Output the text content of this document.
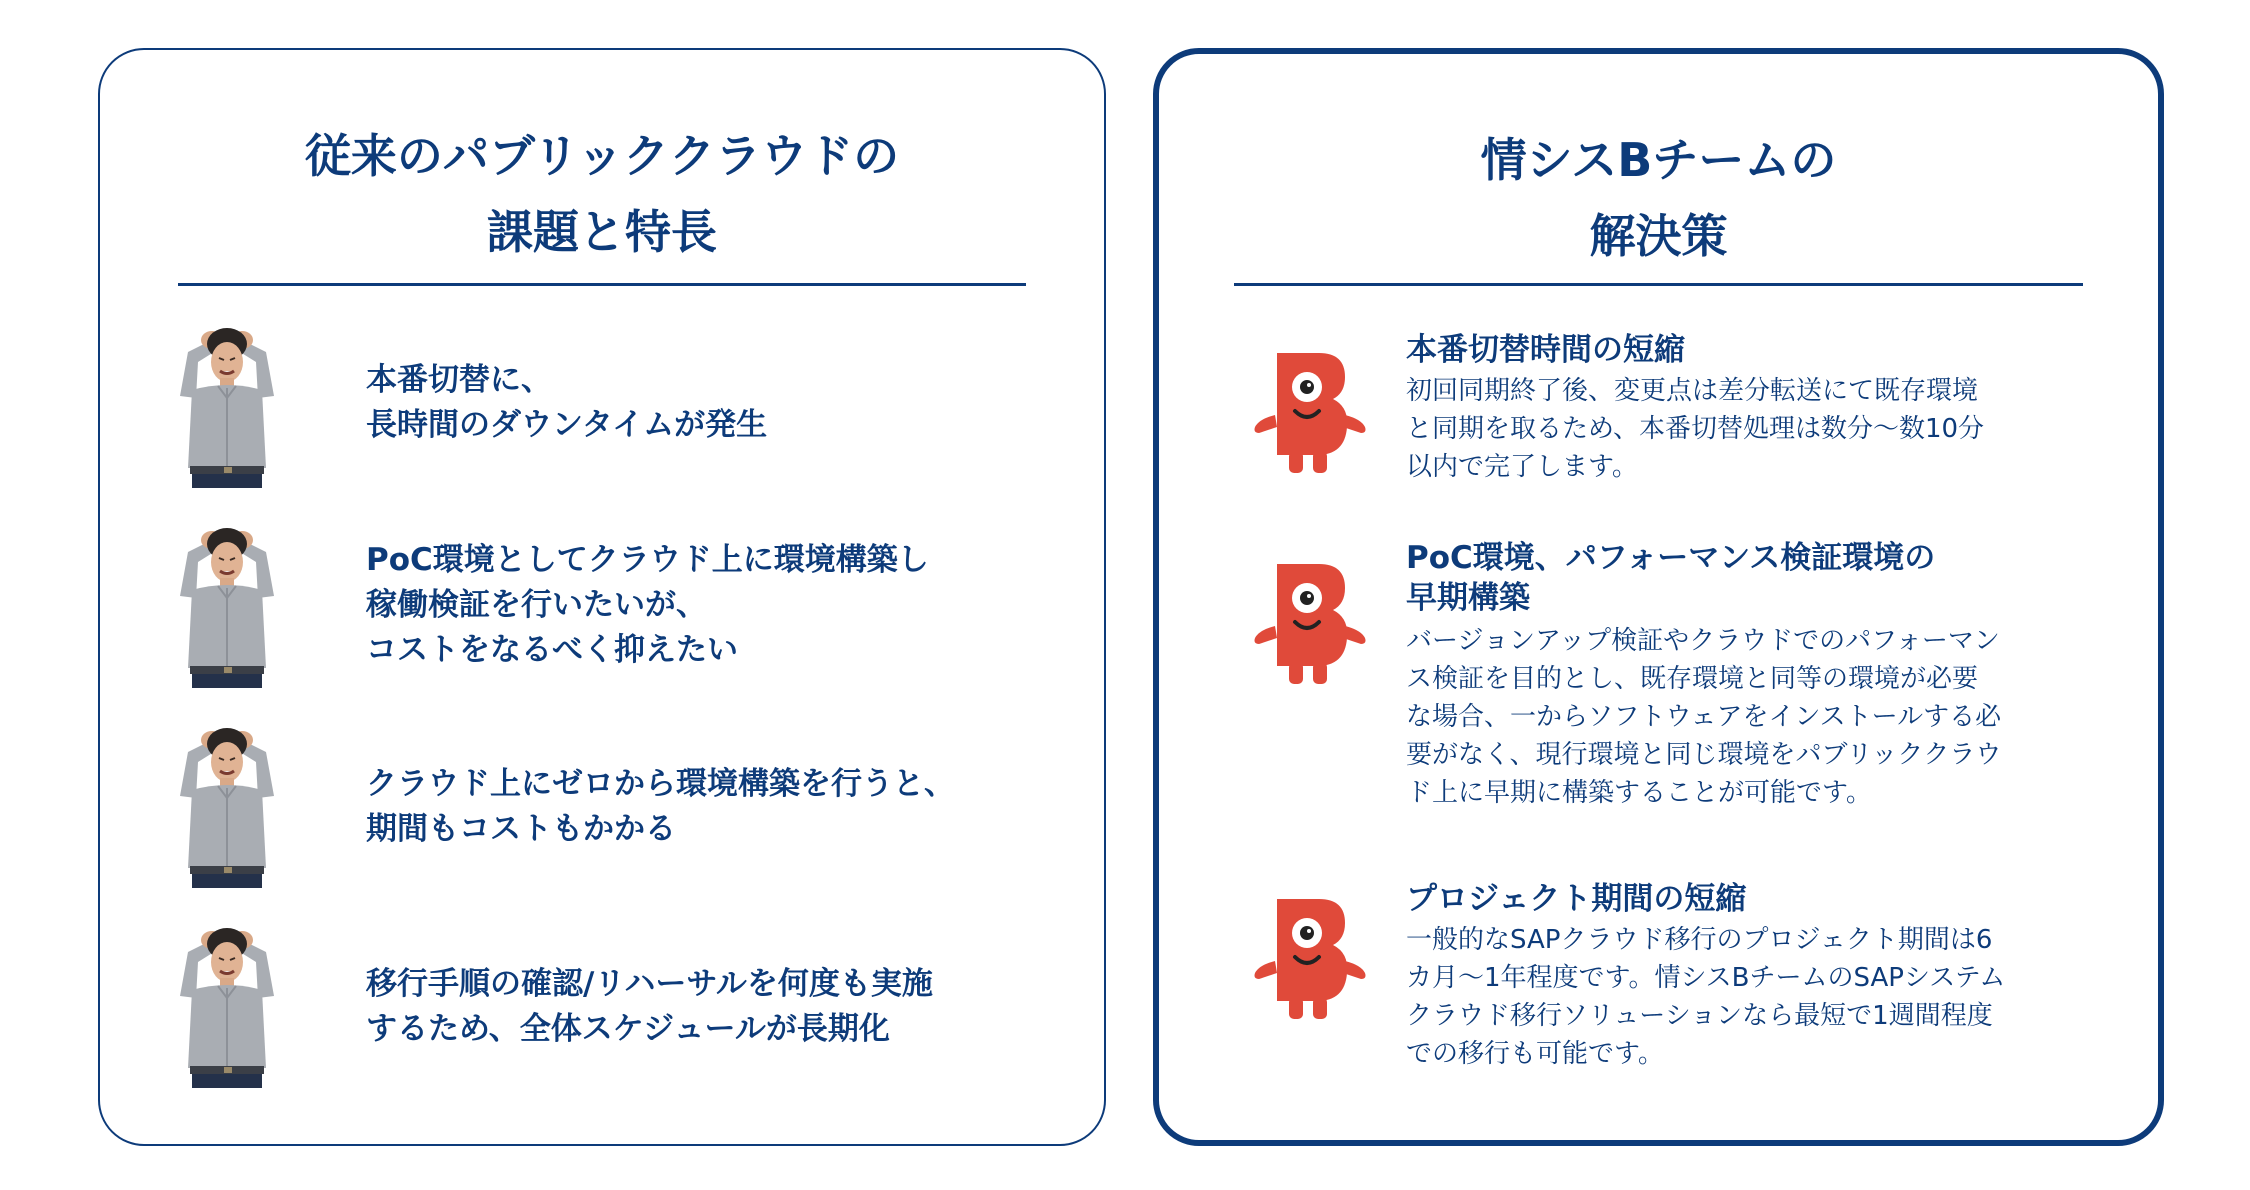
従来のパブリッククラウドの
課題と特長
本番切替に、
長時間のダウンタイムが発生
PoC環境としてクラウド上に環境構築し
稼働検証を行いたいが、
コストをなるべく抑えたい
クラウド上にゼロから環境構築を行うと、
期間もコストもかかる
移行手順の確認/リハーサルを何度も実施
するため、全体スケジュールが長期化
情シスBチームの
解決策
本番切替時間の短縮
初回同期終了後、変更点は差分転送にて既存環境
と同期を取るため、本番切替処理は数分～数10分
以内で完了します。
PoC環境、パフォーマンス検証環境の
早期構築
バージョンアップ検証やクラウドでのパフォーマン
ス検証を目的とし、既存環境と同等の環境が必要
な場合、一からソフトウェアをインストールする必
要がなく、現行環境と同じ環境をパブリッククラウ
ド上に早期に構築することが可能です。
プロジェクト期間の短縮
一般的なSAPクラウド移行のプロジェクト期間は6
カ月～1年程度です。情シスBチームのSAPシステム
クラウド移行ソリューションなら最短で1週間程度
での移行も可能です。
